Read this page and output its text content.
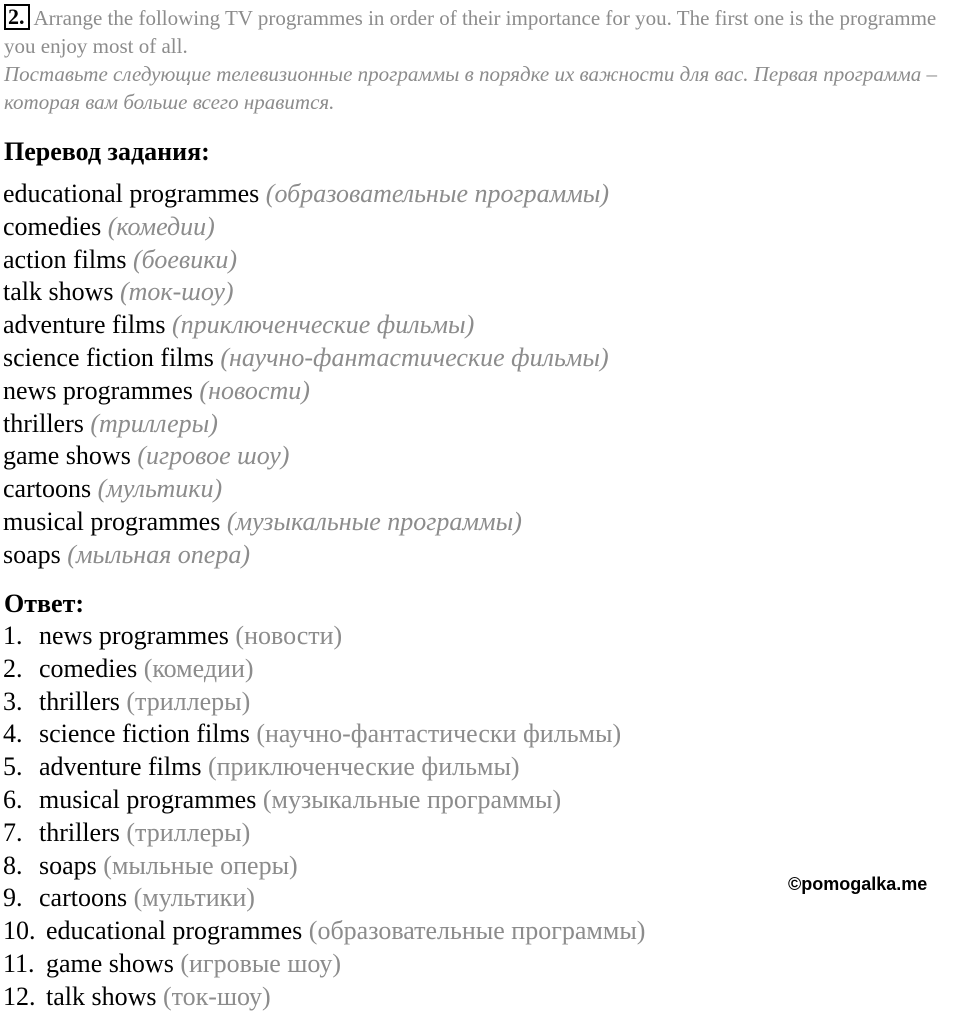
2. Arrange the following TV programmes in order of their importance for you. The first one is the programme you enjoy most of all.
Поставьте следующие телевизионные программы в порядке их важности для вас. Первая программа – которая вам больше всего нравится.
Перевод задания:
educational programmes (образовательные программы)
comedies (комедии)
action films (боевики)
talk shows (ток-шоу)
adventure films (приключенческие фильмы)
science fiction films (научно-фантастические фильмы)
news programmes (новости)
thrillers (триллеры)
game shows (игровое шоу)
cartoons (мультики)
musical programmes (музыкальные программы)
soaps (мыльная опера)
Ответ:
1. news programmes (новости)
2. comedies (комедии)
3. thrillers (триллеры)
4. science fiction films (научно-фантастически фильмы)
5. adventure films (приключенческие фильмы)
6. musical programmes (музыкальные программы)
7. thrillers (триллеры)
8. soaps (мыльные оперы)
9. cartoons (мультики)
10. educational programmes (образовательные программы)
11. game shows (игровые шоу)
12. talk shows (ток-шоу)
©pomogalka.me
